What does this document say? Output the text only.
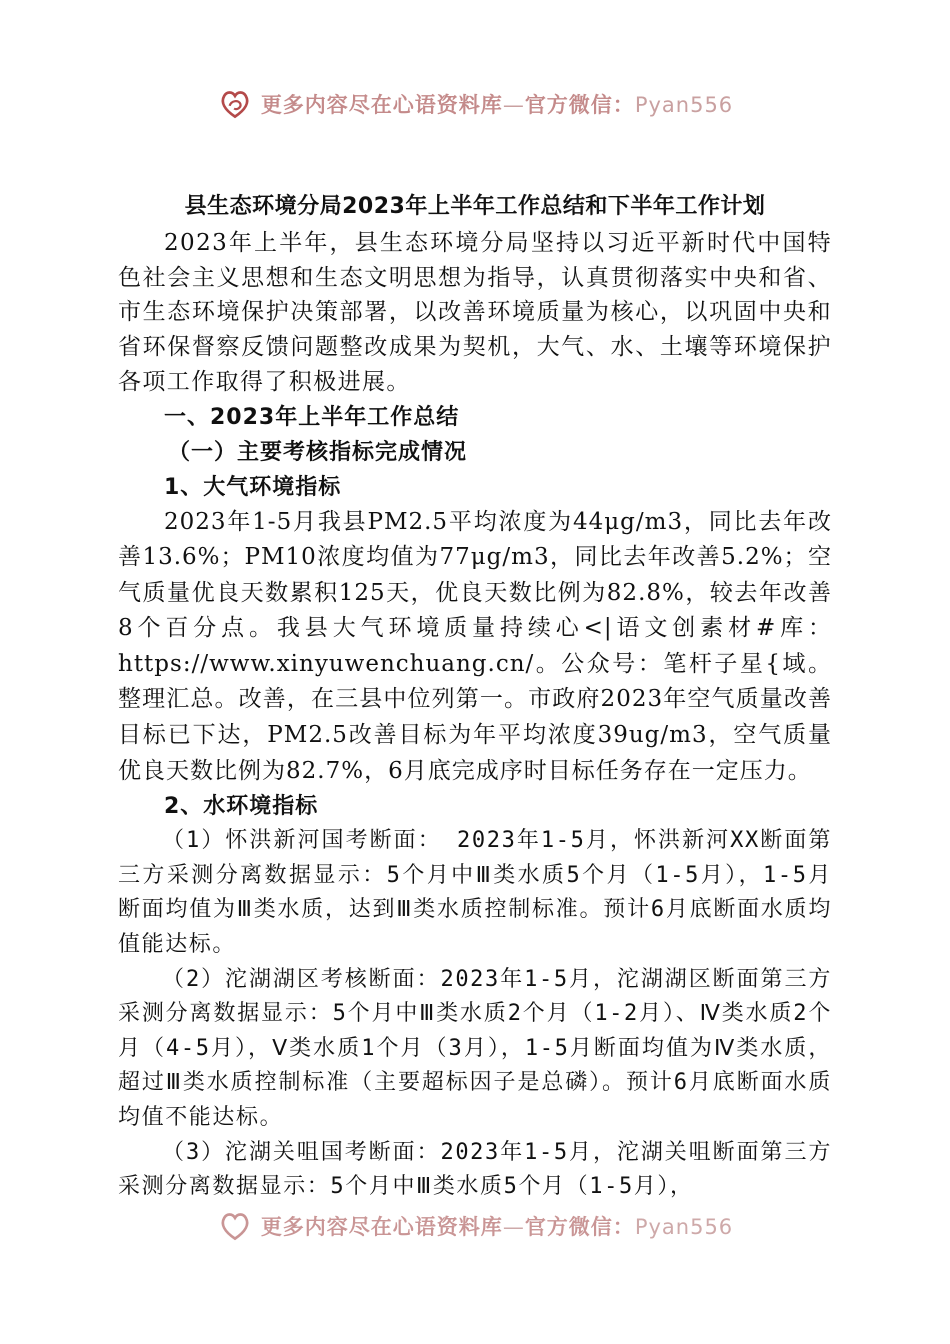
更多内容尽在心语资料库—官方微信：Pyan556
县生态环境分局2023年上半年工作总结和下半年工作计划

2023年上半年，县生态环境分局坚持以习近平新时代中国特色社会主义思想和生态文明思想为指导，认真贯彻落实中央和省、市生态环境保护决策部署，以改善环境质量为核心，以巩固中央和省环保督察反馈问题整改成果为契机，大气、水、土壤等环境保护各项工作取得了积极进展。

一、2023年上半年工作总结
（一）主要考核指标完成情况
1、大气环境指标

2023年1-5月我县PM2.5平均浓度为44μg/m3，同比去年改善13.6%；PM10浓度均值为77μg/m3，同比去年改善5.2%；空气质量优良天数累积125天，优良天数比例为82.8%，较去年改善8个百分点。我县大气环境质量持续心<|语文创素材#库：https://www.xinyuwenchuang.cn/。公众号：笔杆子星{域。整理汇总。改善，在三县中位列第一。市政府2023年空气质量改善目标已下达，PM2.5改善目标为年平均浓度39ug/m3，空气质量优良天数比例为82.7%，6月底完成序时目标任务存在一定压力。

2、水环境指标

（1）怀洪新河国考断面： 2023年1-5月，怀洪新河XX断面第三方采测分离数据显示：5个月中Ⅲ类水质5个月（1-5月），1-5月断面均值为Ⅲ类水质，达到Ⅲ类水质控制标准。预计6月底断面水质均值能达标。

（2）沱湖湖区考核断面：2023年1-5月，沱湖湖区断面第三方采测分离数据显示：5个月中Ⅲ类水质2个月（1-2月）、Ⅳ类水质2个月（4-5月），Ⅴ类水质1个月（3月），1-5月断面均值为Ⅳ类水质，超过Ⅲ类水质控制标准（主要超标因子是总磷）。预计6月底断面水质均值不能达标。

（3）沱湖关咀国考断面：2023年1-5月，沱湖关咀断面第三方采测分离数据显示：5个月中Ⅲ类水质5个月（1-5月），

更多内容尽在心语资料库—官方微信：Pyan556
